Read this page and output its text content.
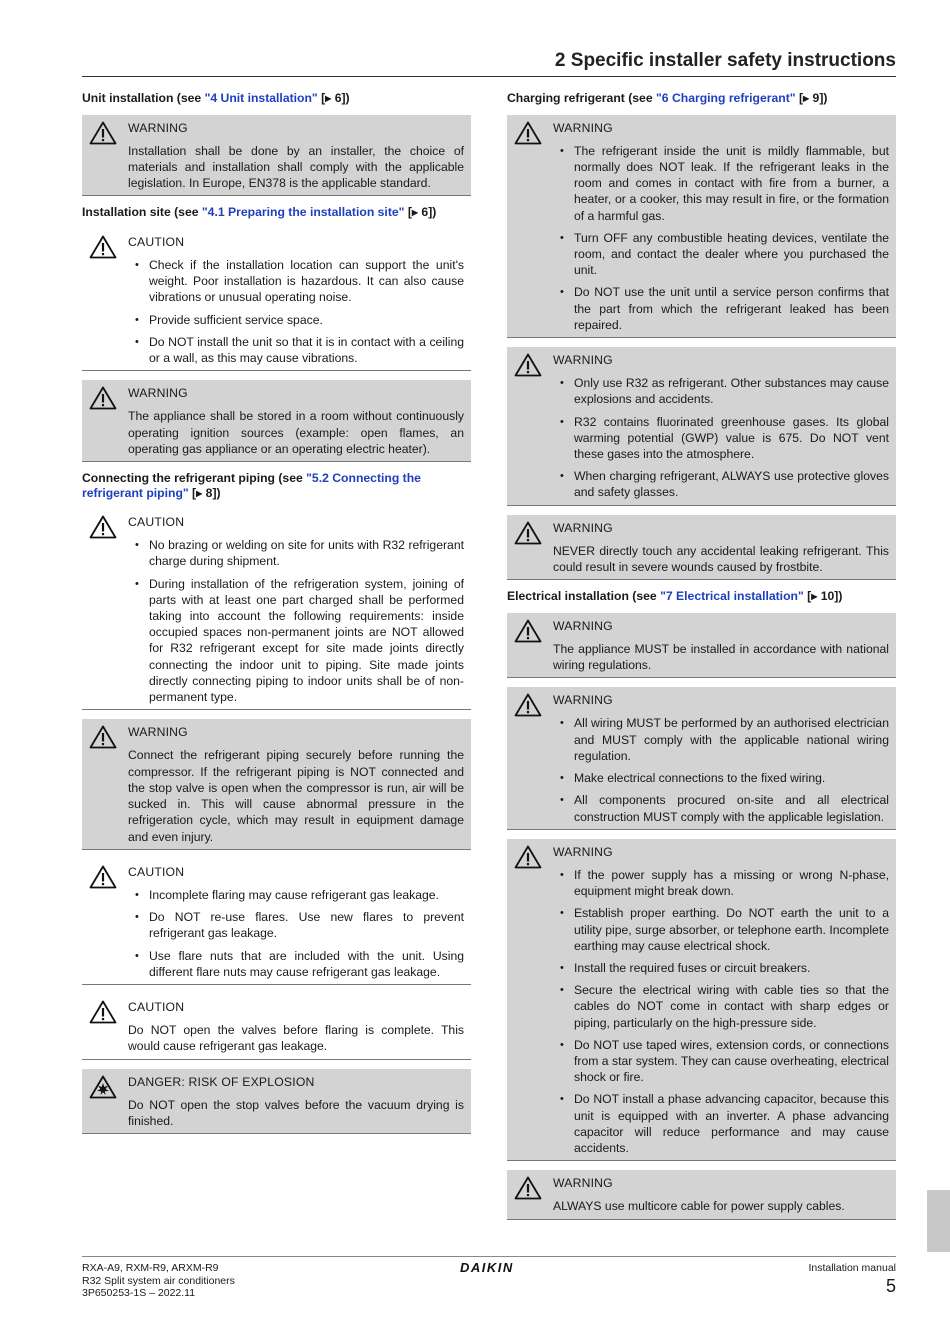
2 Specific installer safety instructions
Unit installation (see "4 Unit installation" [▶ 6])
WARNING
Installation shall be done by an installer, the choice of materials and installation shall comply with the applicable legislation. In Europe, EN378 is the applicable standard.
Installation site (see "4.1 Preparing the installation site" [▶ 6])
CAUTION
• Check if the installation location can support the unit's weight. Poor installation is hazardous. It can also cause vibrations or unusual operating noise.
• Provide sufficient service space.
• Do NOT install the unit so that it is in contact with a ceiling or a wall, as this may cause vibrations.
WARNING
The appliance shall be stored in a room without continuously operating ignition sources (example: open flames, an operating gas appliance or an operating electric heater).
Connecting the refrigerant piping (see "5.2 Connecting the refrigerant piping" [▶ 8])
CAUTION
• No brazing or welding on site for units with R32 refrigerant charge during shipment.
• During installation of the refrigeration system, joining of parts with at least one part charged shall be performed taking into account the following requirements: inside occupied spaces non-permanent joints are NOT allowed for R32 refrigerant except for site made joints directly connecting the indoor unit to piping. Site made joints directly connecting piping to indoor units shall be of non-permanent type.
WARNING
Connect the refrigerant piping securely before running the compressor. If the refrigerant piping is NOT connected and the stop valve is open when the compressor is run, air will be sucked in. This will cause abnormal pressure in the refrigeration cycle, which may result in equipment damage and even injury.
CAUTION
• Incomplete flaring may cause refrigerant gas leakage.
• Do NOT re-use flares. Use new flares to prevent refrigerant gas leakage.
• Use flare nuts that are included with the unit. Using different flare nuts may cause refrigerant gas leakage.
CAUTION
Do NOT open the valves before flaring is complete. This would cause refrigerant gas leakage.
DANGER: RISK OF EXPLOSION
Do NOT open the stop valves before the vacuum drying is finished.
Charging refrigerant (see "6 Charging refrigerant" [▶ 9])
WARNING
• The refrigerant inside the unit is mildly flammable, but normally does NOT leak. If the refrigerant leaks in the room and comes in contact with fire from a burner, a heater, or a cooker, this may result in fire, or the formation of a harmful gas.
• Turn OFF any combustible heating devices, ventilate the room, and contact the dealer where you purchased the unit.
• Do NOT use the unit until a service person confirms that the part from which the refrigerant leaked has been repaired.
WARNING
• Only use R32 as refrigerant. Other substances may cause explosions and accidents.
• R32 contains fluorinated greenhouse gases. Its global warming potential (GWP) value is 675. Do NOT vent these gases into the atmosphere.
• When charging refrigerant, ALWAYS use protective gloves and safety glasses.
WARNING
NEVER directly touch any accidental leaking refrigerant. This could result in severe wounds caused by frostbite.
Electrical installation (see "7 Electrical installation" [▶ 10])
WARNING
The appliance MUST be installed in accordance with national wiring regulations.
WARNING
• All wiring MUST be performed by an authorised electrician and MUST comply with the applicable national wiring regulation.
• Make electrical connections to the fixed wiring.
• All components procured on-site and all electrical construction MUST comply with the applicable legislation.
WARNING
• If the power supply has a missing or wrong N-phase, equipment might break down.
• Establish proper earthing. Do NOT earth the unit to a utility pipe, surge absorber, or telephone earth. Incomplete earthing may cause electrical shock.
• Install the required fuses or circuit breakers.
• Secure the electrical wiring with cable ties so that the cables do NOT come in contact with sharp edges or piping, particularly on the high-pressure side.
• Do NOT use taped wires, extension cords, or connections from a star system. They can cause overheating, electrical shock or fire.
• Do NOT install a phase advancing capacitor, because this unit is equipped with an inverter. A phase advancing capacitor will reduce performance and may cause accidents.
WARNING
ALWAYS use multicore cable for power supply cables.
RXA-A9, RXM-R9, ARXM-R9
R32 Split system air conditioners
3P650253-1S – 2022.11
DAIKIN	Installation manual
5
